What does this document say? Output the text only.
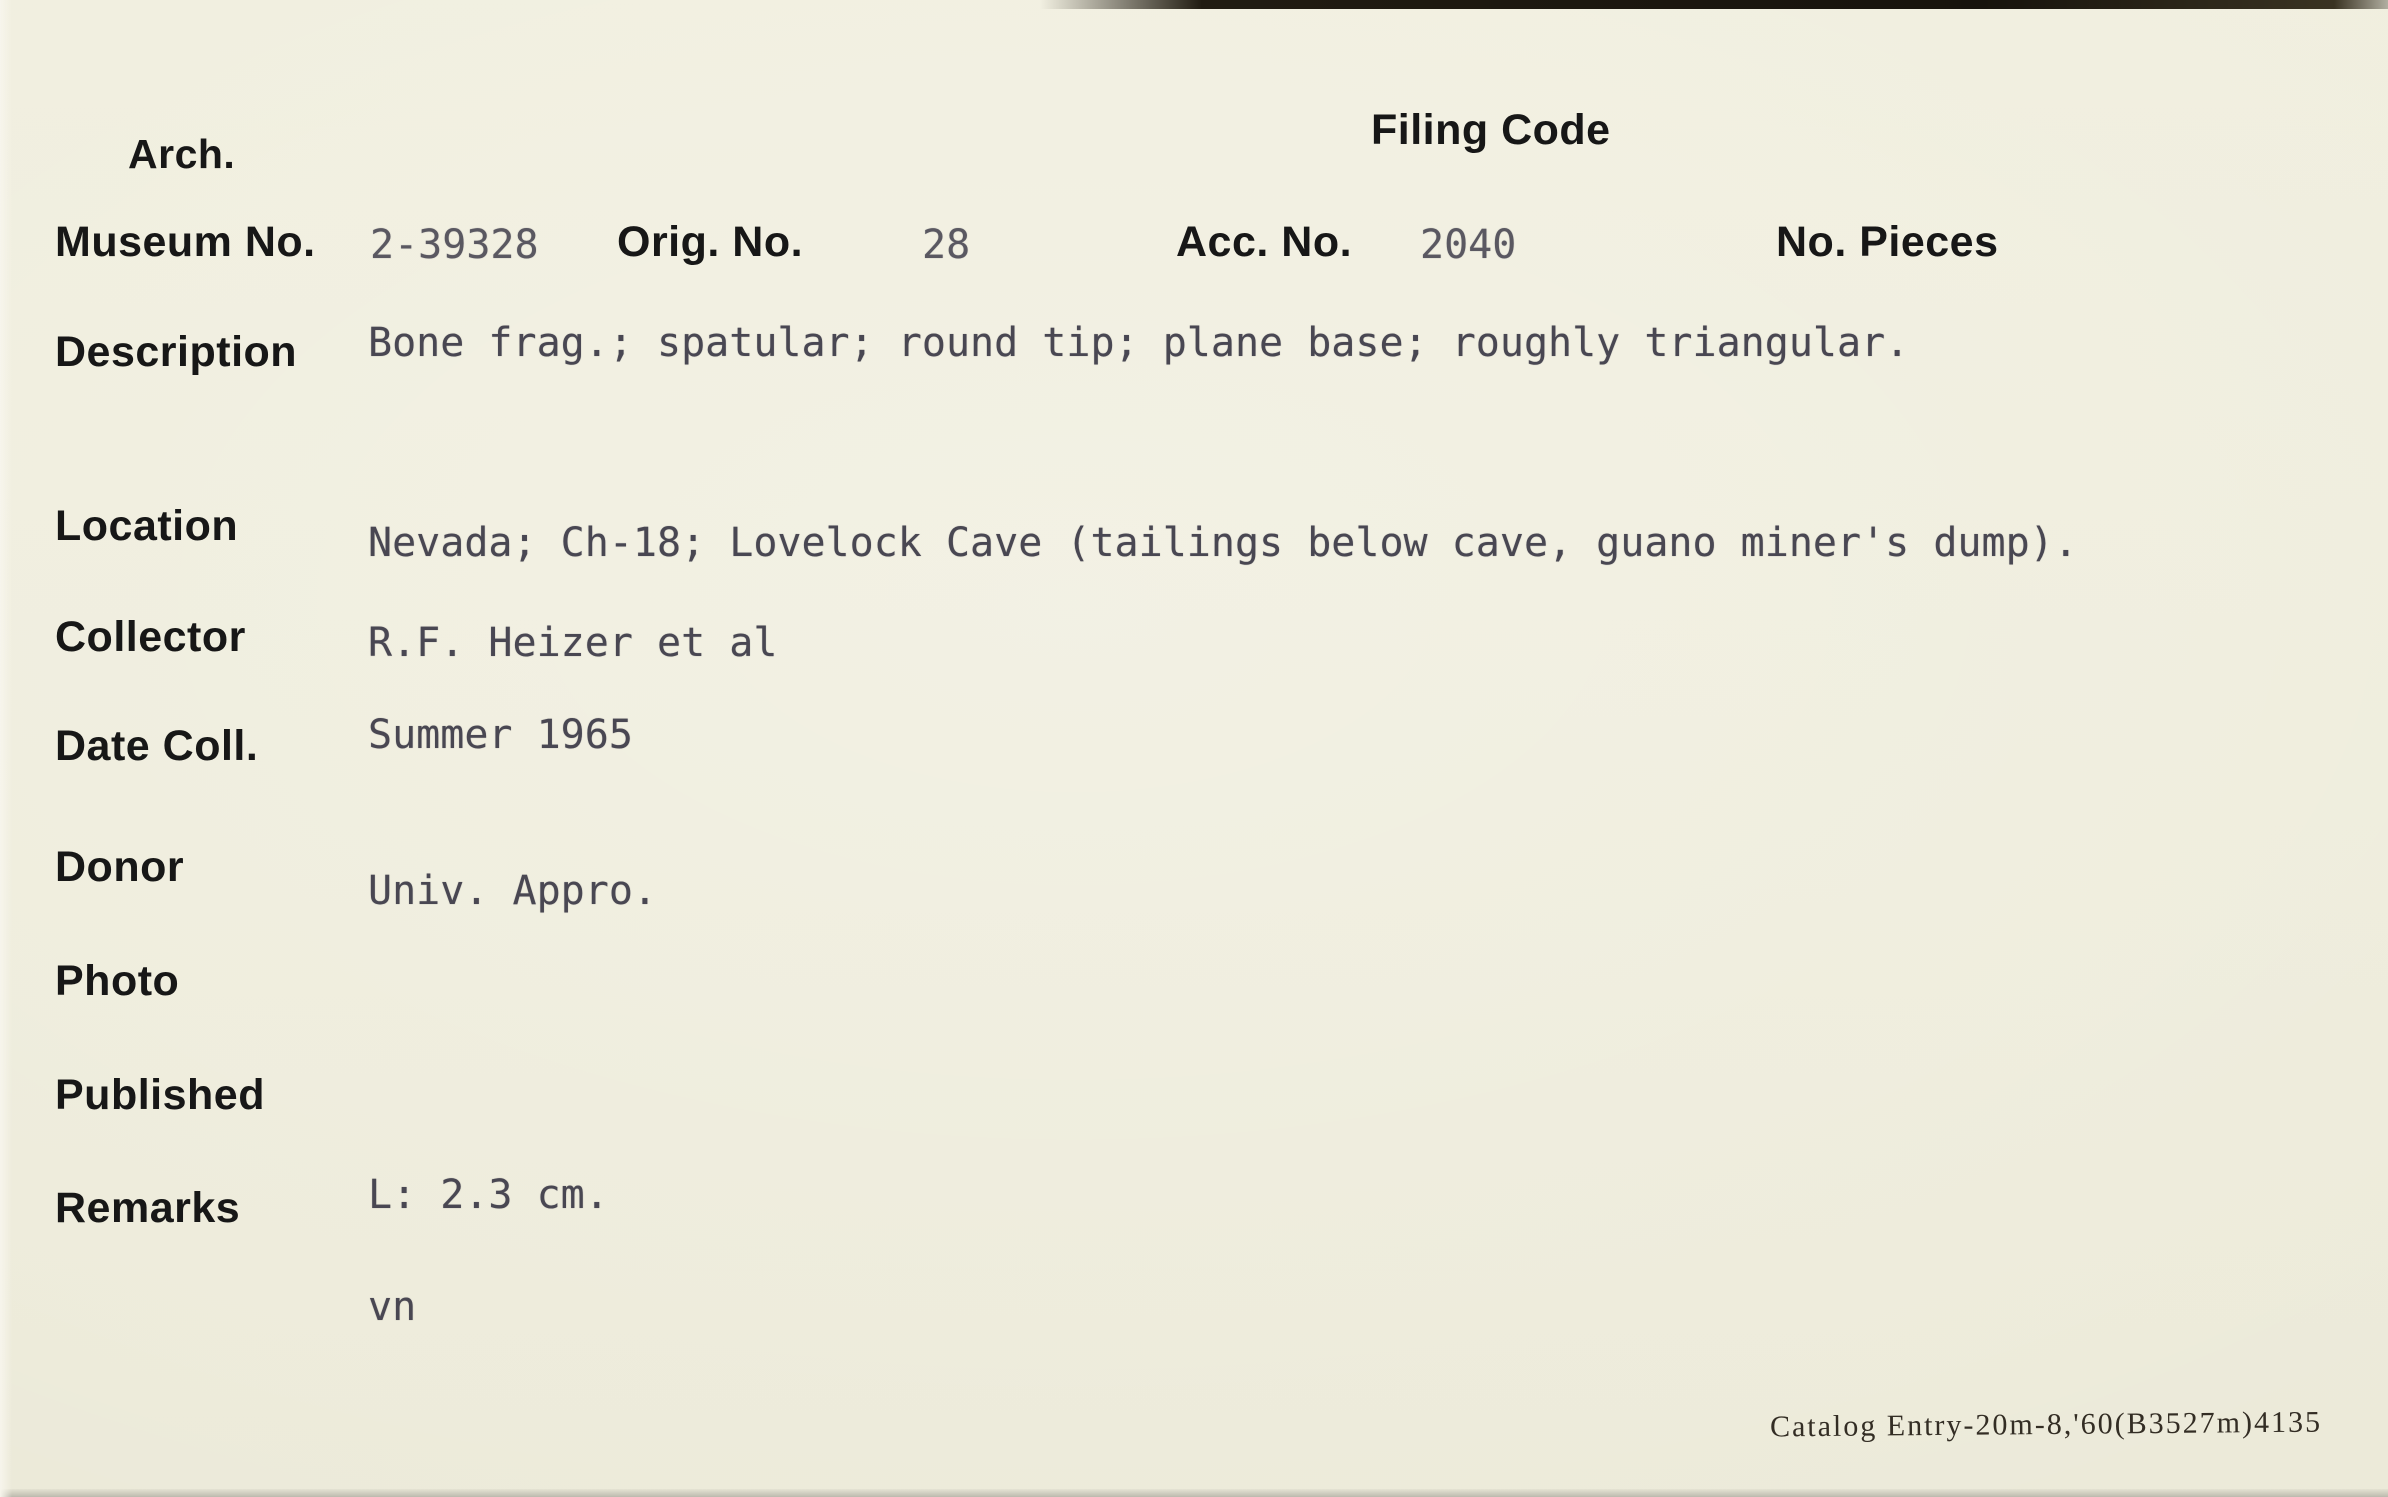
Arch.	Filing Code
Museum No. 2-39328 Orig. No.	28	Acc. No. 2040	No. Pieces
Description Bone frag.; spatular; round tip; plane base; roughly triangular.
Location	Nevada; Ch-18; Lovelock Cave (tailings below cave, guano miner's dump).
Collector	R.F. Heizer et al
Date Coll.	Summer 1965
Donor	Univ. Appro.
Photo
Published
Remarks	L: 2.3 cm.
vn
Catalog Entry-20m-8,'60(B3527m)4135
